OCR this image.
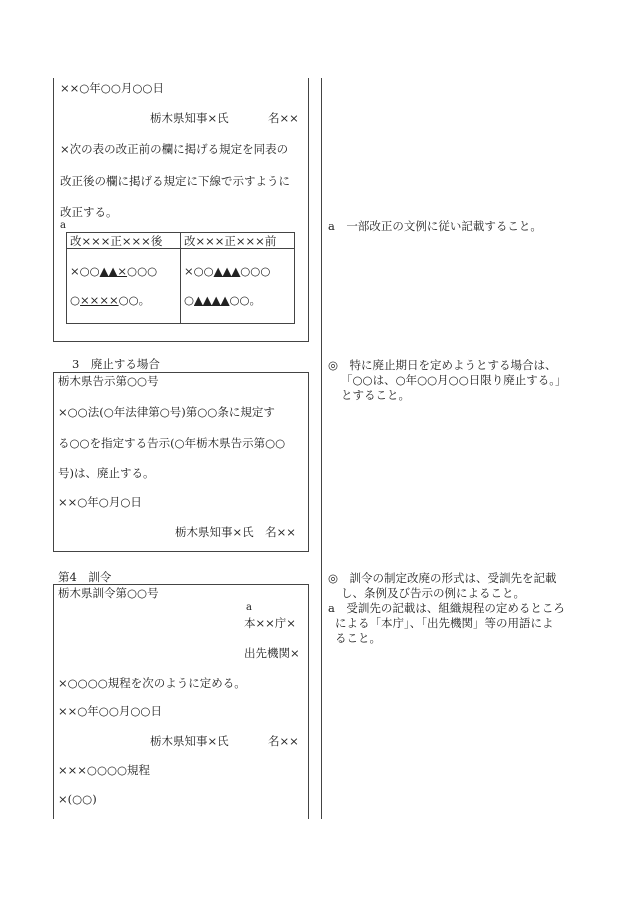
××○年○○月○○日
栃木県知事×氏	名××
×次の表の改正前の欄に掲げる規定を同表の
改正後の欄に掲げる規定に下線で示すように
改正する。
a
改×××正×××後 改×××正×××前
×○○▲▲×○○○
○××××○○。
×○○▲▲▲○○○
○▲▲▲▲○○。
a　一部改正の文例に従い記載すること。
3　廃止する場合
栃木県告示第○○号
×○○法(○年法律第○号)第○○条に規定す
る○○を指定する告示(○年栃木県告示第○○
号)は、廃止する。
××○年○月○日
栃木県知事×氏　名××
◎　特に廃止期日を定めようとする場合は、
「○○は、○年○○月○○日限り廃止する。」
とすること。
第4　訓令
栃木県訓令第○○号
a
本××庁×
出先機関×
×○○○○規程を次のように定める。
××○年○○月○○日
栃木県知事×氏	名××
×××○○○○規程
×(○○)
◎　訓令の制定改廃の形式は、受訓先を記載
し、条例及び告示の例によること。
a　受訓先の記載は、組織規程の定めるところ
による「本庁」、「出先機関」等の用語によ
ること。
